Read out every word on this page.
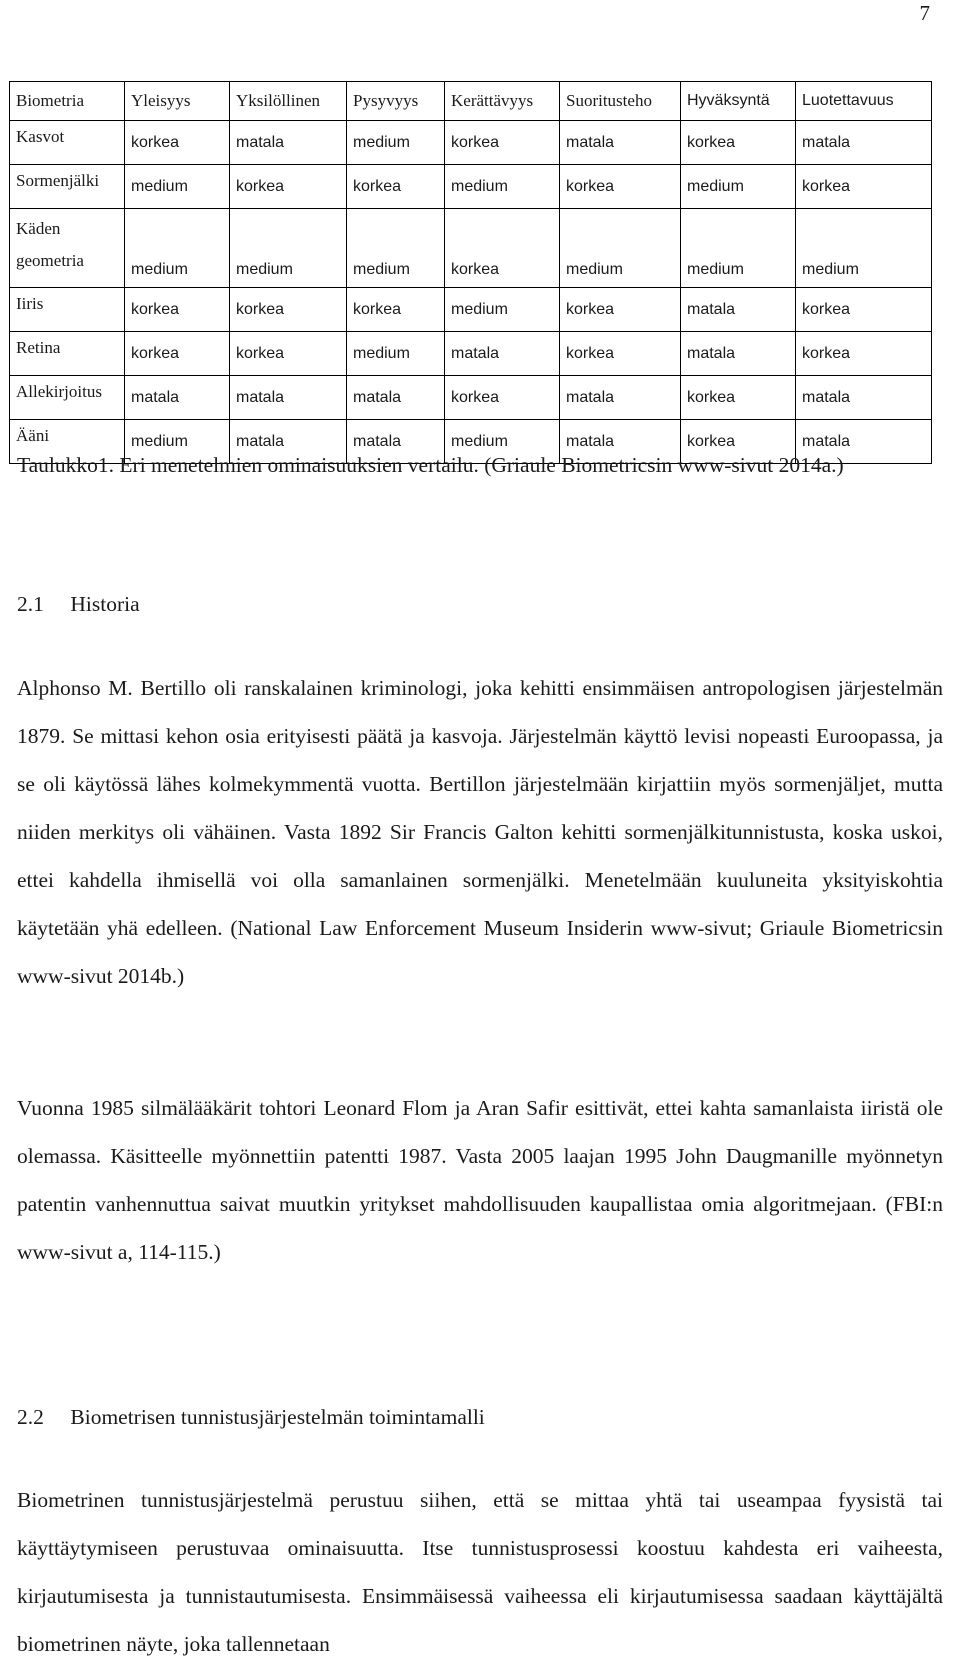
7
Biometria	Yleisyys	Yksilöllinen	Pysyvyys	Kerättävyys	Suoritusteho	Hyväksyntä	Luotettavuus
Kasvot	korkea	matala	medium	korkea	matala	korkea	matala
Sormenjälki	medium	korkea	korkea	medium	korkea	medium	korkea
Käden geometria	medium	medium	medium	korkea	medium	medium	medium
Iiris	korkea	korkea	korkea	medium	korkea	matala	korkea
Retina	korkea	korkea	medium	matala	korkea	matala	korkea
Allekirjoitus	matala	matala	matala	korkea	matala	korkea	matala
Ääni	medium	matala	matala	medium	matala	korkea	matala
Taulukko1. Eri menetelmien ominaisuuksien vertailu. (Griaule Biometricsin www-sivut 2014a.)
2.1 Historia

Alphonso M. Bertillo oli ranskalainen kriminologi, joka kehitti ensimmäisen antropologisen järjestelmän 1879. Se mittasi kehon osia erityisesti päätä ja kasvoja. Järjestelmän käyttö levisi nopeasti Euroopassa, ja se oli käytössä lähes kolmekymmentä vuotta. Bertillon järjestelmään kirjattiin myös sormenjäljet, mutta niiden merkitys oli vähäinen. Vasta 1892 Sir Francis Galton kehitti sormenjälkitunnistusta, koska uskoi, ettei kahdella ihmisellä voi olla samanlainen sormenjälki. Menetelmään kuuluneita yksityiskohtia käytetään yhä edelleen. (National Law Enforcement Museum Insiderin www-sivut; Griaule Biometricsin www-sivut 2014b.)

Vuonna 1985 silmälääkärit tohtori Leonard Flom ja Aran Safir esittivät, ettei kahta samanlaista iiristä ole olemassa. Käsitteelle myönnettiin patentti 1987. Vasta 2005 laajan 1995 John Daugmanille myönnetyn patentin vanhennuttua saivat muutkin yritykset mahdollisuuden kaupallistaa omia algoritmejaan. (FBI:n www-sivut a, 114-115.)

2.2 Biometrisen tunnistusjärjestelmän toimintamalli

Biometrinen tunnistusjärjestelmä perustuu siihen, että se mittaa yhtä tai useampaa fyysistä tai käyttäytymiseen perustuvaa ominaisuutta. Itse tunnistusprosessi koostuu kahdesta eri vaiheesta, kirjautumisesta ja tunnistautumisesta. Ensimmäisessä vaiheessa eli kirjautumisessa saadaan käyttäjältä biometrinen näyte, joka tallennetaan
